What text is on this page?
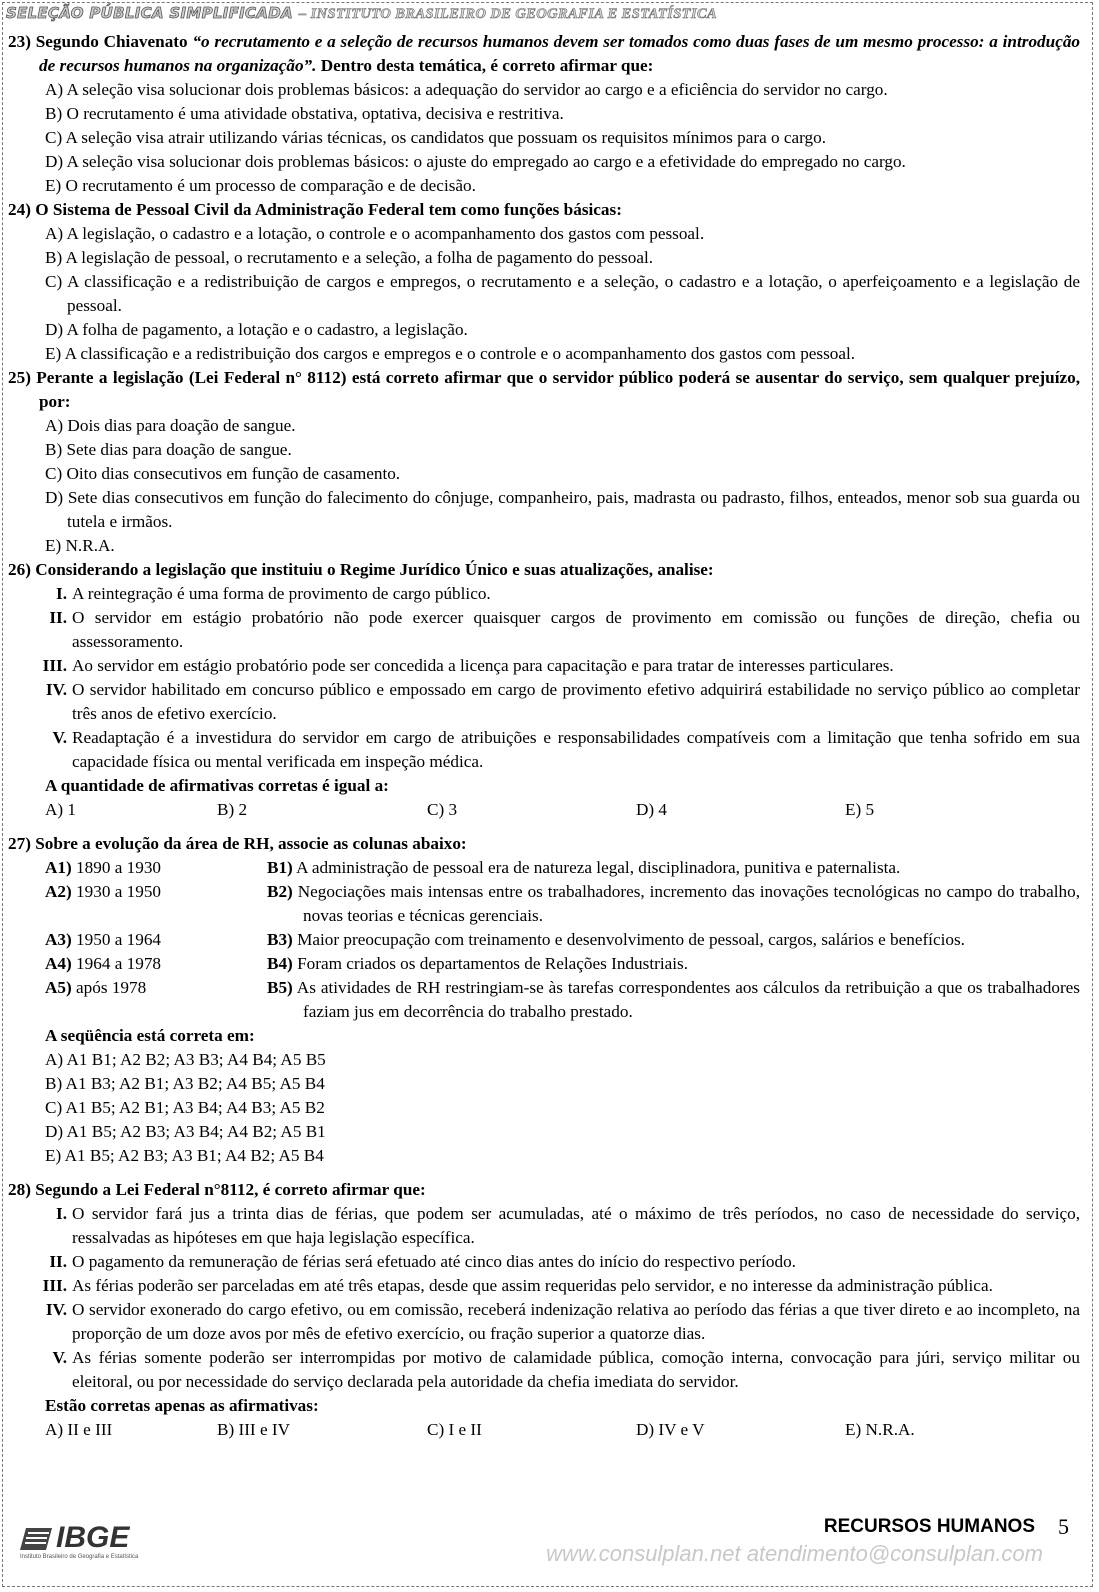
SELEÇÃO PÚBLICA SIMPLIFICADA – INSTITUTO BRASILEIRO DE GEOGRAFIA E ESTATÍSTICA
23) Segundo Chiavenato “o recrutamento e a seleção de recursos humanos devem ser tomados como duas fases de um mesmo processo: a introdução de recursos humanos na organização”. Dentro desta temática, é correto afirmar que:
A) A seleção visa solucionar dois problemas básicos: a adequação do servidor ao cargo e a eficiência do servidor no cargo.
B) O recrutamento é uma atividade obstativa, optativa, decisiva e restritiva.
C) A seleção visa atrair utilizando várias técnicas, os candidatos que possuam os requisitos mínimos para o cargo.
D) A seleção visa solucionar dois problemas básicos: o ajuste do empregado ao cargo e a efetividade do empregado no cargo.
E) O recrutamento é um processo de comparação e de decisão.
24) O Sistema de Pessoal Civil da Administração Federal tem como funções básicas:
A) A legislação, o cadastro e a lotação, o controle e o acompanhamento dos gastos com pessoal.
B) A legislação de pessoal, o recrutamento e a seleção, a folha de pagamento do pessoal.
C) A classificação e a redistribuição de cargos e empregos, o recrutamento e a seleção, o cadastro e a lotação, o aperfeiçoamento e a legislação de pessoal.
D) A folha de pagamento, a lotação e o cadastro, a legislação.
E) A classificação e a redistribuição dos cargos e empregos e o controle e o acompanhamento dos gastos com pessoal.
25) Perante a legislação (Lei Federal n° 8112) está correto afirmar que o servidor público poderá se ausentar do serviço, sem qualquer prejuízo, por:
A) Dois dias para doação de sangue.
B) Sete dias para doação de sangue.
C) Oito dias consecutivos em função de casamento.
D) Sete dias consecutivos em função do falecimento do cônjuge, companheiro, pais, madrasta ou padrasto, filhos, enteados, menor sob sua guarda ou tutela e irmãos.
E) N.R.A.
26) Considerando a legislação que instituiu o Regime Jurídico Único e suas atualizações, analise:
I. A reintegração é uma forma de provimento de cargo público.
II. O servidor em estágio probatório não pode exercer quaisquer cargos de provimento em comissão ou funções de direção, chefia ou assessoramento.
III. Ao servidor em estágio probatório pode ser concedida a licença para capacitação e para tratar de interesses particulares.
IV. O servidor habilitado em concurso público e empossado em cargo de provimento efetivo adquirirá estabilidade no serviço público ao completar três anos de efetivo exercício.
V. Readaptação é a investidura do servidor em cargo de atribuições e responsabilidades compatíveis com a limitação que tenha sofrido em sua capacidade física ou mental verificada em inspeção médica.
A quantidade de afirmativas corretas é igual a:
A) 1	B) 2	C) 3	D) 4	E) 5
27) Sobre a evolução da área de RH, associe as colunas abaixo:
A1) 1890 a 1930	B1) A administração de pessoal era de natureza legal, disciplinadora, punitiva e paternalista.
A2) 1930 a 1950	B2) Negociações mais intensas entre os trabalhadores, incremento das inovações tecnológicas no campo do trabalho, novas teorias e técnicas gerenciais.
A3) 1950 a 1964	B3) Maior preocupação com treinamento e desenvolvimento de pessoal, cargos, salários e benefícios.
A4) 1964 a 1978	B4) Foram criados os departamentos de Relações Industriais.
A5) após 1978	B5) As atividades de RH restringiam-se às tarefas correspondentes aos cálculos da retribuição a que os trabalhadores faziam jus em decorrência do trabalho prestado.
A seqüência está correta em:
A) A1 B1; A2 B2; A3 B3; A4 B4; A5 B5
B) A1 B3; A2 B1; A3 B2; A4 B5; A5 B4
C) A1 B5; A2 B1; A3 B4; A4 B3; A5 B2
D) A1 B5; A2 B3; A3 B4; A4 B2; A5 B1
E) A1 B5; A2 B3; A3 B1; A4 B2; A5 B4
28) Segundo a Lei Federal n°8112, é correto afirmar que:
I. O servidor fará jus a trinta dias de férias, que podem ser acumuladas, até o máximo de três períodos, no caso de necessidade do serviço, ressalvadas as hipóteses em que haja legislação específica.
II. O pagamento da remuneração de férias será efetuado até cinco dias antes do início do respectivo período.
III. As férias poderão ser parceladas em até três etapas, desde que assim requeridas pelo servidor, e no interesse da administração pública.
IV. O servidor exonerado do cargo efetivo, ou em comissão, receberá indenização relativa ao período das férias a que tiver direto e ao incompleto, na proporção de um doze avos por mês de efetivo exercício, ou fração superior a quatorze dias.
V. As férias somente poderão ser interrompidas por motivo de calamidade pública, comoção interna, convocação para júri, serviço militar ou eleitoral, ou por necessidade do serviço declarada pela autoridade da chefia imediata do servidor.
Estão corretas apenas as afirmativas:
A) II e III	B) III e IV	C) I e II	D) IV e V	E) N.R.A.
IBGE
Instituto Brasileiro de Geografia e Estatística
RECURSOS HUMANOS 5
www.consulplan.net atendimento@consulplan.com
